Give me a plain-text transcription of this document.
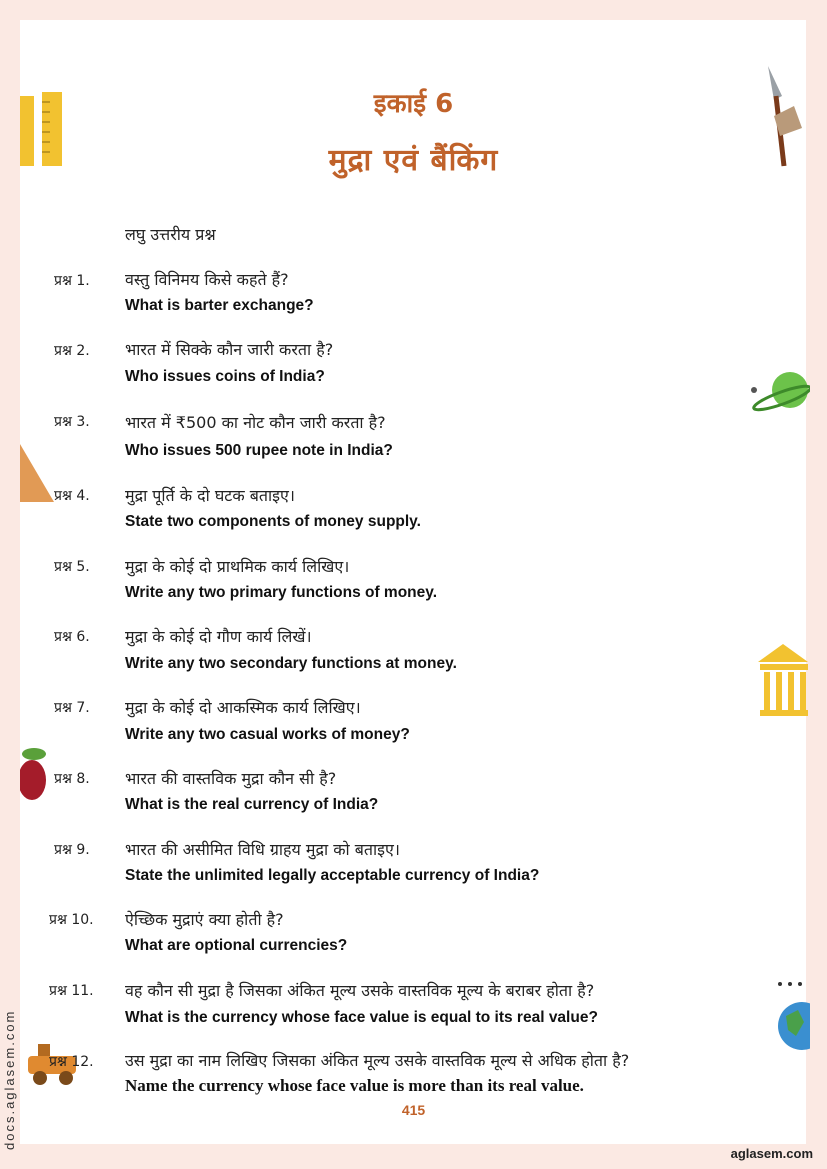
इकाई 6
मुद्रा एवं बैंकिंग
लघु उत्तरीय प्रश्न
प्रश्न 1. वस्तु विनिमय किसे कहते हैं?
What is barter exchange?
प्रश्न 2. भारत में सिक्के कौन जारी करता है?
Who issues coins of India?
प्रश्न 3. भारत में ₹500 का नोट कौन जारी करता है?
Who issues 500 rupee note in India?
प्रश्न 4. मुद्रा पूर्ति के दो घटक बताइए।
State two components of money supply.
प्रश्न 5. मुद्रा के कोई दो प्राथमिक कार्य लिखिए।
Write any two primary functions of money.
प्रश्न 6. मुद्रा के कोई दो गौण कार्य लिखें।
Write any two secondary functions at money.
प्रश्न 7. मुद्रा के कोई दो आकस्मिक कार्य लिखिए।
Write any two casual works of money?
प्रश्न 8. भारत की वास्तविक मुद्रा कौन सी है?
What is the real currency of India?
प्रश्न 9. भारत की असीमित विधि ग्राहय मुद्रा को बताइए।
State the unlimited legally acceptable currency of India?
प्रश्न 10. ऐच्छिक मुद्राएं क्या होती है?
What are optional currencies?
प्रश्न 11. वह कौन सी मुद्रा है जिसका अंकित मूल्य उसके वास्तविक मूल्य के बराबर होता है?
What is the currency whose face value is equal to its real value?
प्रश्न 12. उस मुद्रा का नाम लिखिए जिसका अंकित मूल्य उसके वास्तविक मूल्य से अधिक होता है?
Name the currency whose face value is more than its real value.
415
aglasem.com
docs.aglasem.com
